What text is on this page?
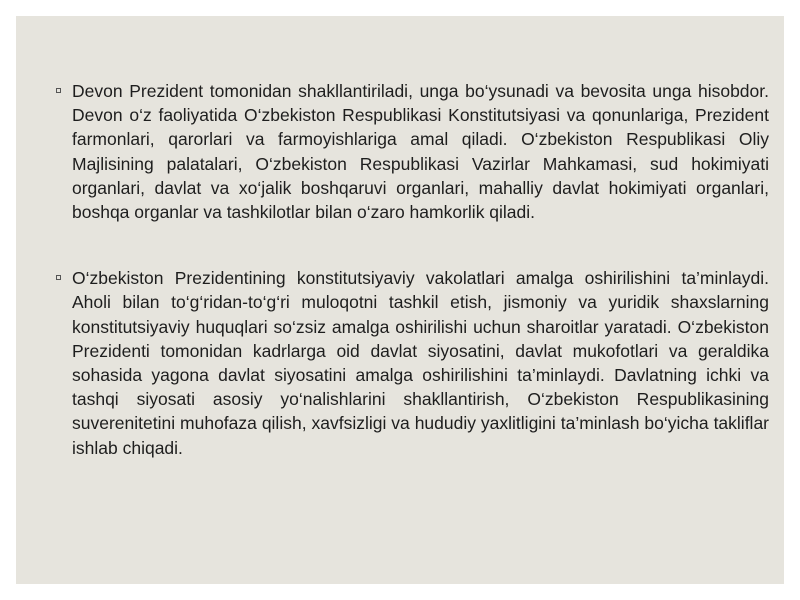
Devon Prezident tomonidan shakllantiriladi, unga bo‘ysunadi va bevosita unga hisobdor. Devon o‘z faoliyatida O‘zbekiston Respublikasi Konstitutsiyasi va qonunlariga, Prezident farmonlari, qarorlari va farmoyishlariga amal qiladi. O‘zbekiston Respublikasi Oliy Majlisining palatalari, O‘zbekiston Respublikasi Vazirlar Mahkamasi, sud hokimiyati organlari, davlat va xo‘jalik boshqaruvi organlari, mahalliy davlat hokimiyati organlari, boshqa organlar va tashkilotlar bilan o‘zaro hamkorlik qiladi.
O‘zbekiston Prezidentining konstitutsiyaviy vakolatlari amalga oshirilishini ta’minlaydi. Aholi bilan to‘g‘ridan-to‘g‘ri muloqotni tashkil etish, jismoniy va yuridik shaxslarning konstitutsiyaviy huquqlari so‘zsiz amalga oshirilishi uchun sharoitlar yaratadi. O‘zbekiston Prezidenti tomonidan kadrlarga oid davlat siyosatini, davlat mukofotlari va geraldika sohasida yagona davlat siyosatini amalga oshirilishini ta’minlaydi. Davlatning ichki va tashqi siyosati asosiy yo‘nalishlarini shakllantirish, O‘zbekiston Respublikasining suverenitetini muhofaza qilish, xavfsizligi va hududiy yaxlitligini ta’minlash bo‘yicha takliflar ishlab chiqadi.
